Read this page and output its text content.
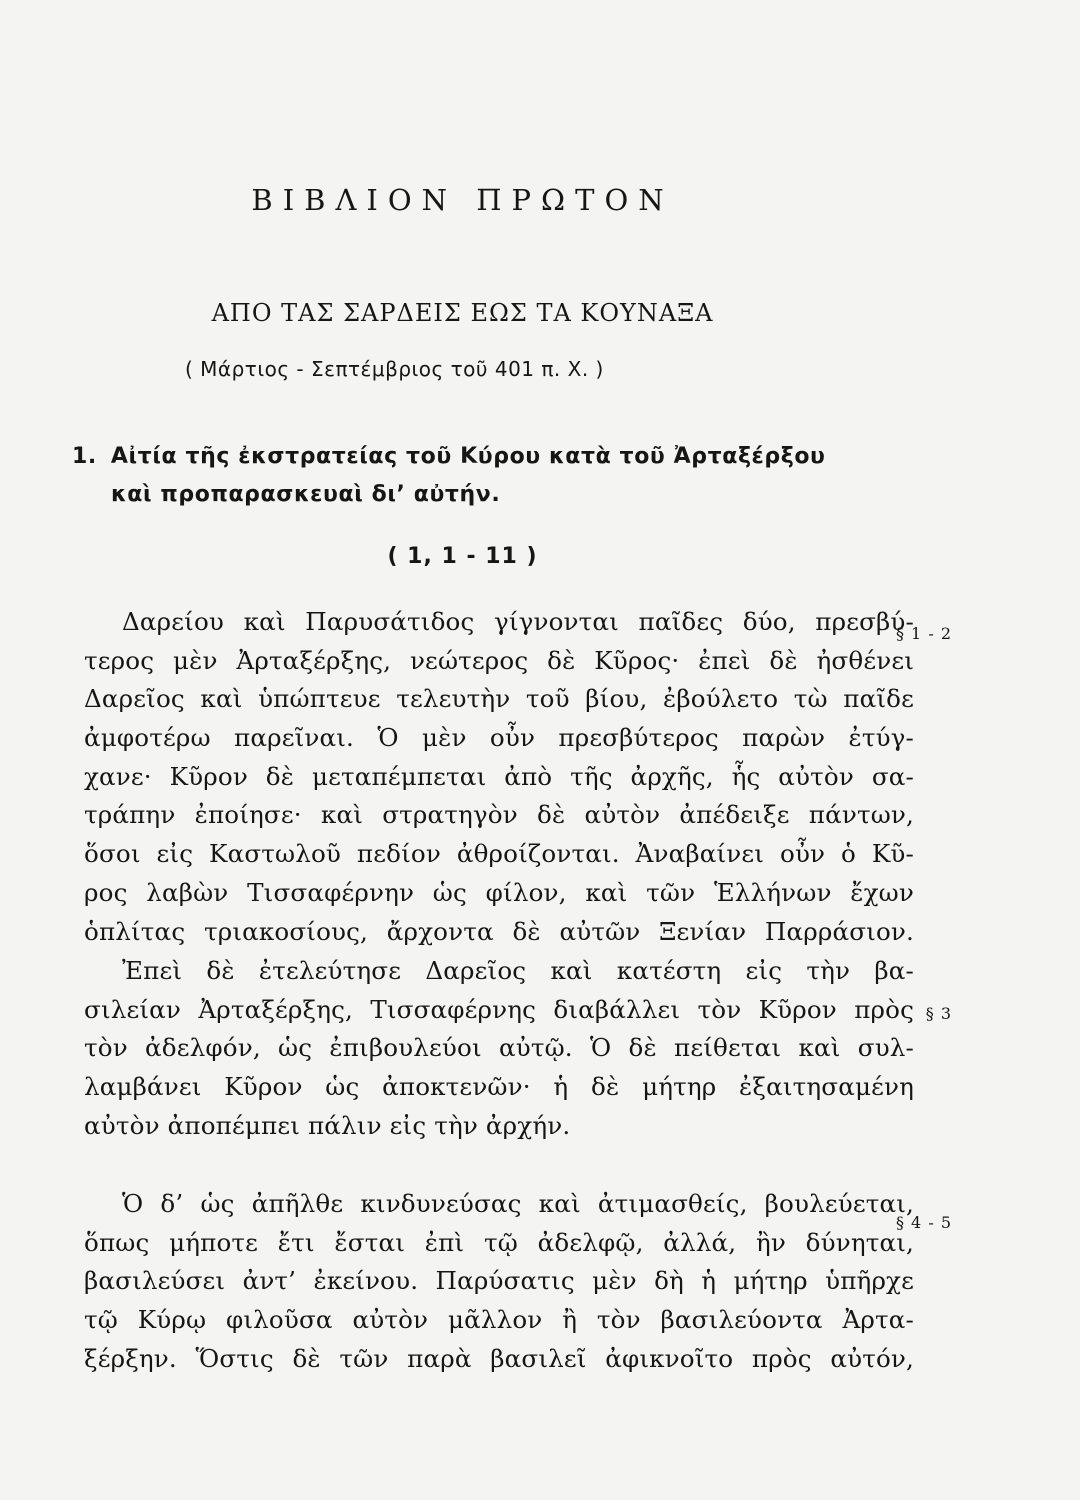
ΒΙΒΛΙΟΝ ΠΡΩΤΟΝ
ΑΠΟ ΤΑΣ ΣΑΡΔΕΙΣ ΕΩΣ ΤΑ ΚΟΥΝΑΞΑ
( Μάρτιος - Σεπτέμβριος τοῦ 401 π. Χ. )
1. Αἰτία τῆς ἐκστρατείας τοῦ Κύρου κατὰ τοῦ Ἀρταξέρξου
καὶ προπαρασκευαὶ δι’ αὐτήν.
( 1, 1 - 11 )
Δαρείου καὶ Παρυσάτιδος γίγνονται παῖδες δύο, πρεσβύ-
τερος μὲν Ἀρταξέρξης, νεώτερος δὲ Κῦρος· ἐπεὶ δὲ ἠσθένει
Δαρεῖος καὶ ὑπώπτευε τελευτὴν τοῦ βίου, ἐβούλετο τὼ παῖδε
ἀμφοτέρω παρεῖναι. Ὁ μὲν οὖν πρεσβύτερος παρὼν ἐτύγ-
χανε· Κῦρον δὲ μεταπέμπεται ἀπὸ τῆς ἀρχῆς, ἧς αὐτὸν σα-
τράπην ἐποίησε· καὶ στρατηγὸν δὲ αὐτὸν ἀπέδειξε πάντων,
ὅσοι εἰς Καστωλοῦ πεδίον ἀθροίζονται. Ἀναβαίνει οὖν ὁ Κῦ-
ρος λαβὼν Τισσαφέρνην ὡς φίλον, καὶ τῶν Ἑλλήνων ἔχων
ὁπλίτας τριακοσίους, ἄρχοντα δὲ αὐτῶν Ξενίαν Παρράσιον.
§ 1 - 2
Ἐπεὶ δὲ ἐτελεύτησε Δαρεῖος καὶ κατέστη εἰς τὴν βα-
σιλείαν Ἀρταξέρξης, Τισσαφέρνης διαβάλλει τὸν Κῦρον πρὸς
τὸν ἀδελφόν, ὡς ἐπιβουλεύοι αὐτῷ. Ὁ δὲ πείθεται καὶ συλ-
λαμβάνει Κῦρον ὡς ἀποκτενῶν· ἡ δὲ μήτηρ ἐξαιτησαμένη
αὐτὸν ἀποπέμπει πάλιν εἰς τὴν ἀρχήν.
§ 3
Ὁ δ’ ὡς ἀπῆλθε κινδυνεύσας καὶ ἀτιμασθείς, βουλεύεται,
ὅπως μήποτε ἔτι ἔσται ἐπὶ τῷ ἀδελφῷ, ἀλλά, ἢν δύνηται,
βασιλεύσει ἀντ’ ἐκείνου. Παρύσατις μὲν δὴ ἡ μήτηρ ὑπῆρχε
τῷ Κύρῳ φιλοῦσα αὐτὸν μᾶλλον ἢ τὸν βασιλεύοντα Ἀρτα-
ξέρξην. Ὅστις δὲ τῶν παρὰ βασιλεῖ ἀφικνοῖτο πρὸς αὐτόν,
§ 4 - 5
